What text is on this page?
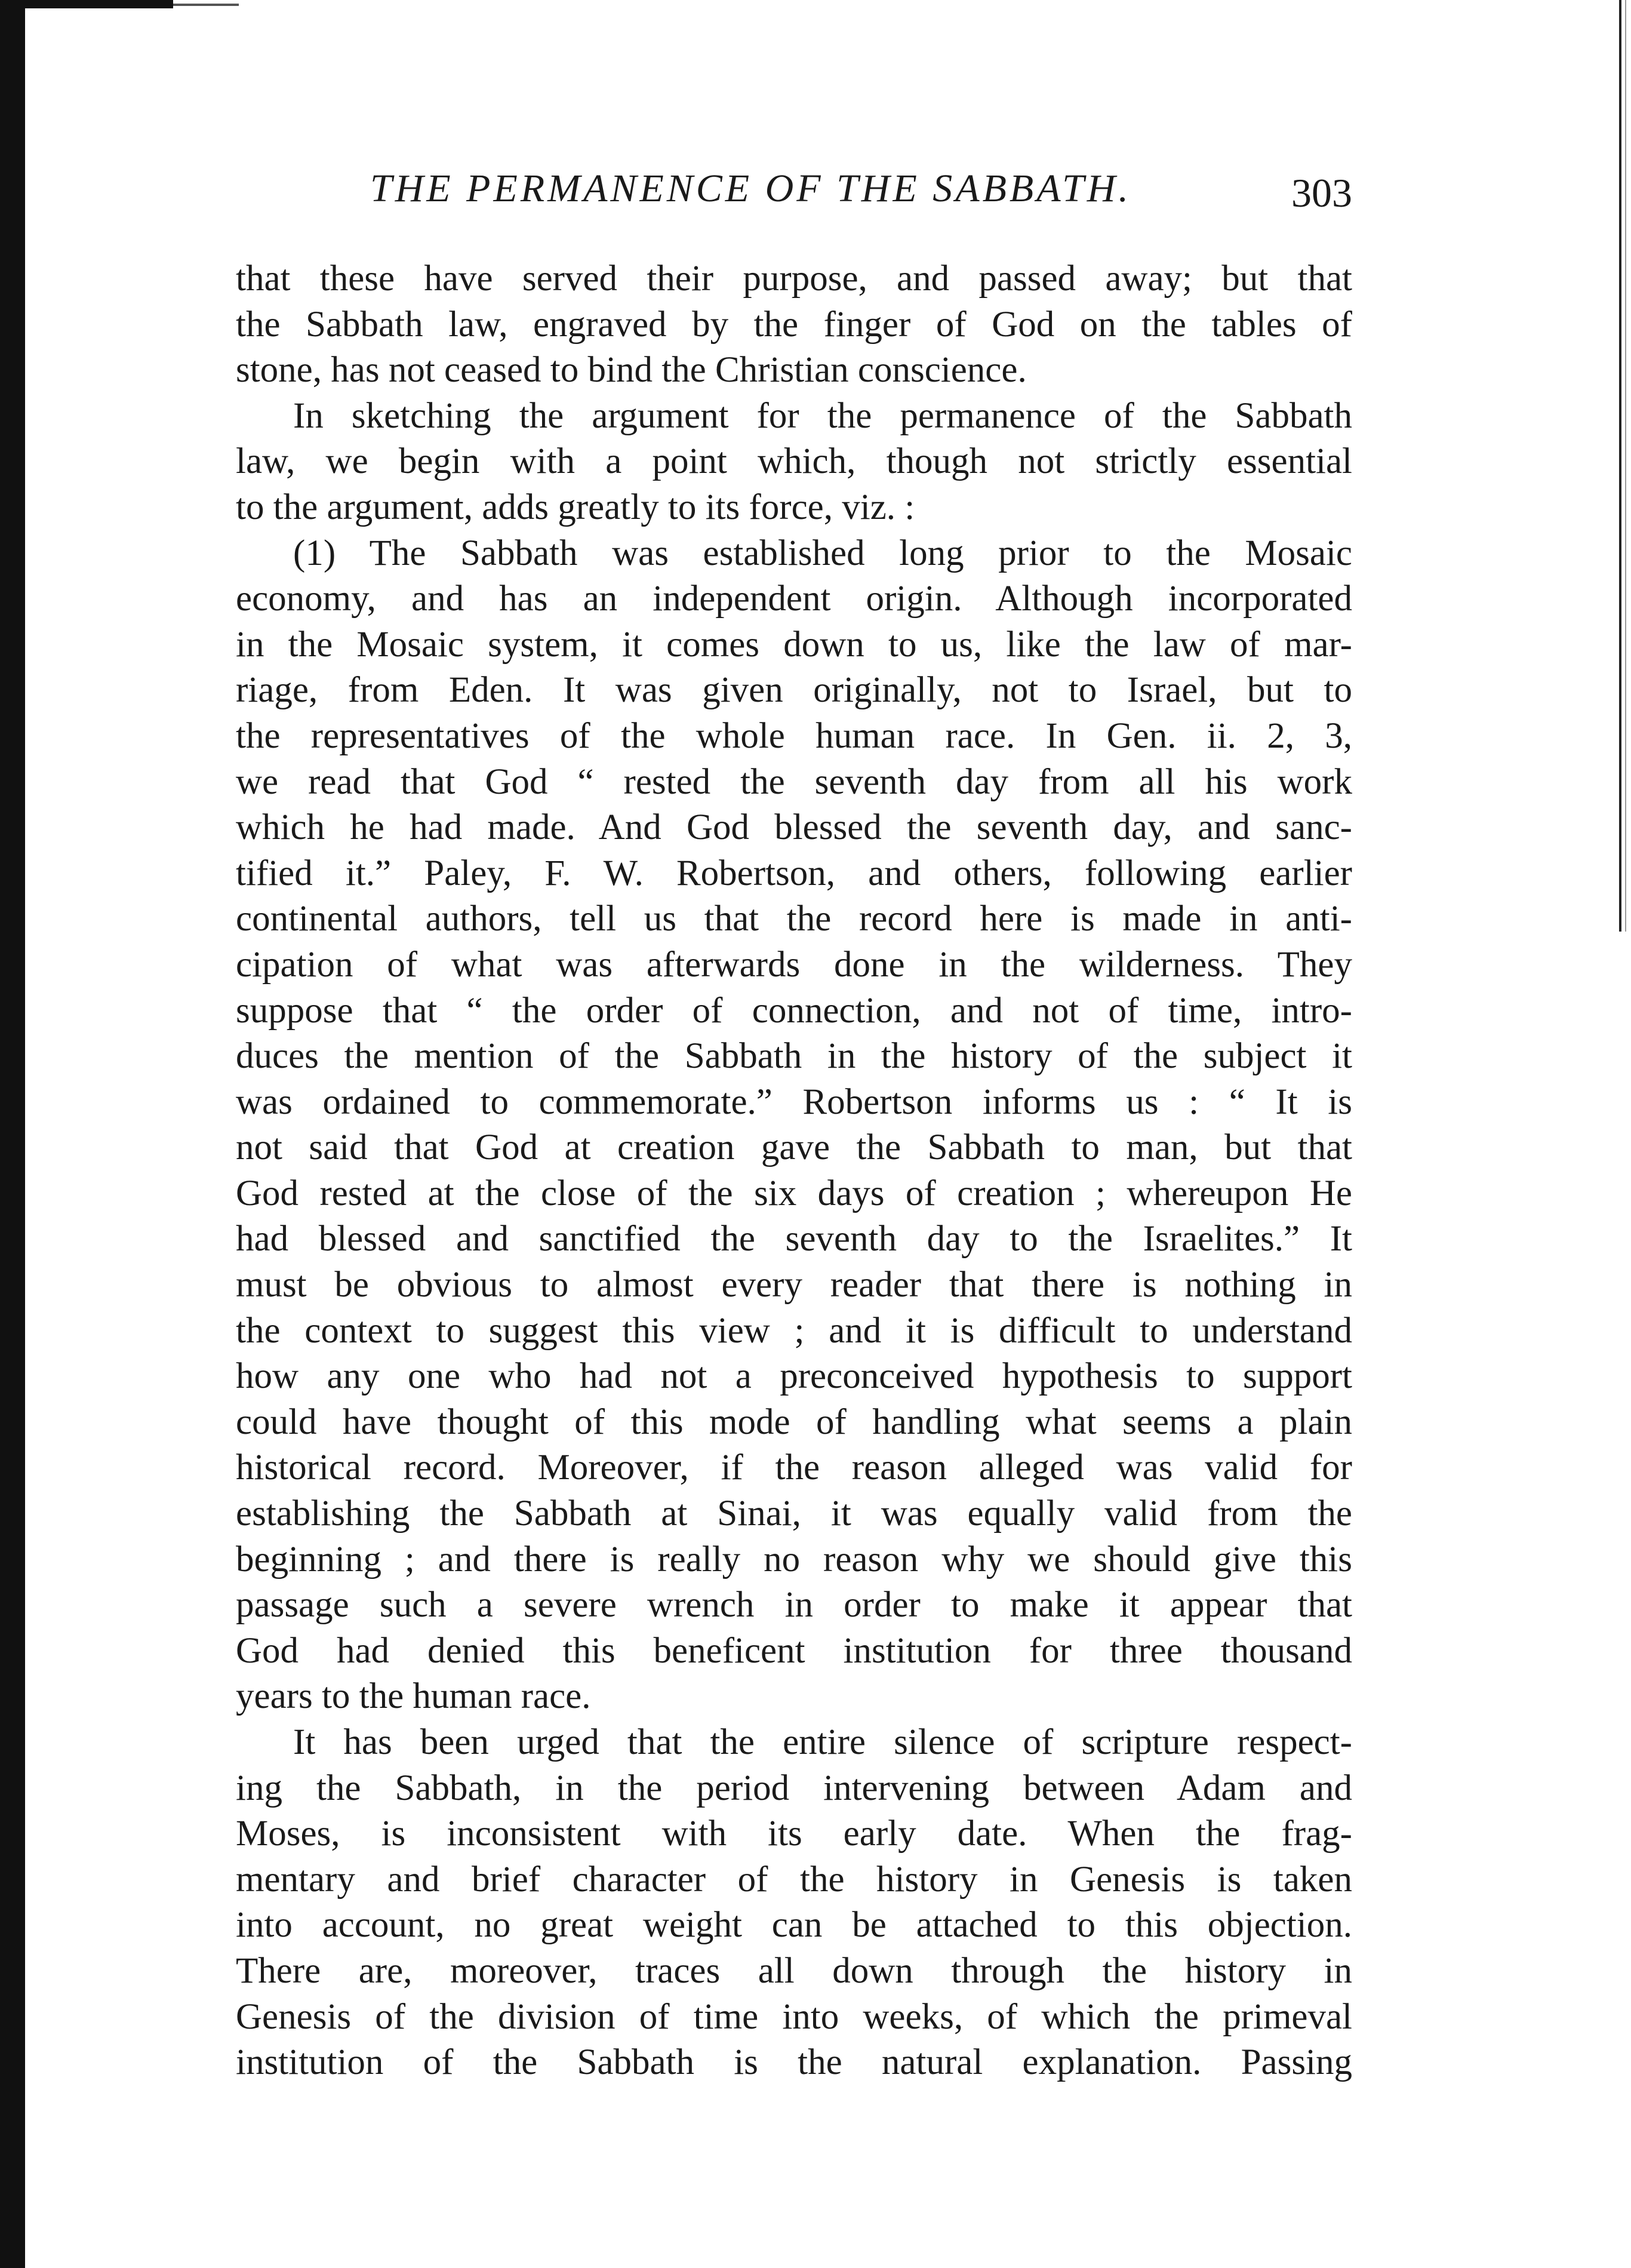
THE PERMANENCE OF THE SABBATH.	303
that these have served their purpose, and passed away; but that
the Sabbath law, engraved by the finger of God on the tables of
stone, has not ceased to bind the Christian conscience.
In sketching the argument for the permanence of the Sabbath
law, we begin with a point which, though not strictly essential
to the argument, adds greatly to its force, viz. :
(1) The Sabbath was established long prior to the Mosaic
economy, and has an independent origin. Although incorporated
in the Mosaic system, it comes down to us, like the law of mar-
riage, from Eden. It was given originally, not to Israel, but to
the representatives of the whole human race. In Gen. ii. 2, 3,
we read that God “ rested the seventh day from all his work
which he had made. And God blessed the seventh day, and sanc-
tified it.” Paley, F. W. Robertson, and others, following earlier
continental authors, tell us that the record here is made in anti-
cipation of what was afterwards done in the wilderness. They
suppose that “ the order of connection, and not of time, intro-
duces the mention of the Sabbath in the history of the subject it
was ordained to commemorate.” Robertson informs us : “ It is
not said that God at creation gave the Sabbath to man, but that
God rested at the close of the six days of creation ; whereupon He
had blessed and sanctified the seventh day to the Israelites.” It
must be obvious to almost every reader that there is nothing in
the context to suggest this view ; and it is difficult to understand
how any one who had not a preconceived hypothesis to support
could have thought of this mode of handling what seems a plain
historical record. Moreover, if the reason alleged was valid for
establishing the Sabbath at Sinai, it was equally valid from the
beginning ; and there is really no reason why we should give this
passage such a severe wrench in order to make it appear that
God had denied this beneficent institution for three thousand
years to the human race.
It has been urged that the entire silence of scripture respect-
ing the Sabbath, in the period intervening between Adam and
Moses, is inconsistent with its early date. When the frag-
mentary and brief character of the history in Genesis is taken
into account, no great weight can be attached to this objection.
There are, moreover, traces all down through the history in
Genesis of the division of time into weeks, of which the primeval
institution of the Sabbath is the natural explanation. Passing
